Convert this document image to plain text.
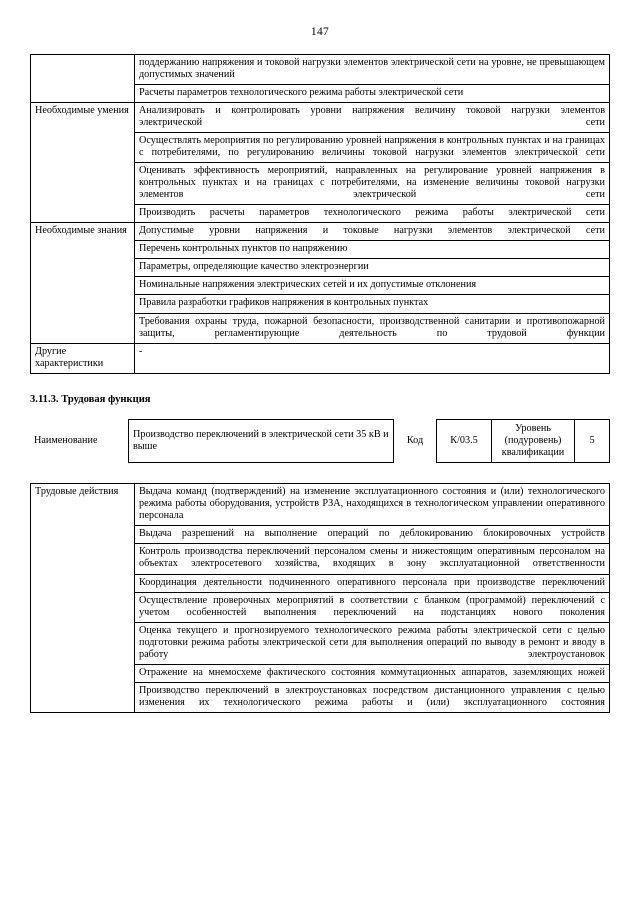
147
	поддержанию напряжения и токовой нагрузки элементов электрической сети на уровне, не превышающем допустимых значений
	Расчеты параметров технологического режима работы электрической сети
Необходимые умения	Анализировать и контролировать уровни напряжения величину токовой нагрузки элементов электрической сети
	Осуществлять мероприятия по регулированию уровней напряжения в контрольных пунктах и на границах с потребителями, по регулированию величины токовой нагрузки элементов электрической сети
	Оценивать эффективность мероприятий, направленных на регулирование уровней напряжения в контрольных пунктах и на границах с потребителями, на изменение величины токовой нагрузки элементов электрической сети
	Производить расчеты параметров технологического режима работы электрической сети
Необходимые знания	Допустимые уровни напряжения и токовые нагрузки элементов электрической сети
	Перечень контрольных пунктов по напряжению
	Параметры, определяющие качество электроэнергии
	Номинальные напряжения электрических сетей и их допустимые отклонения
	Правила разработки графиков напряжения в контрольных пунктах
	Требования охраны труда, пожарной безопасности, производственной санитарии и противопожарной защиты, регламентирующие деятельность по трудовой функции
Другие характеристики	-
3.11.3. Трудовая функция
Наименование	Производство переключений в электрической сети 35 кВ и выше	Код	К/03.5	Уровень (подуровень) квалификации	5
Трудовые действия	Выдача команд (подтверждений) на изменение эксплуатационного состояния и (или) технологического режима работы оборудования, устройств РЗА, находящихся в технологическом управлении оперативного персонала
Выдача разрешений на выполнение операций по деблокированию блокировочных устройств
Контроль производства переключений персоналом смены и нижестоящим оперативным персоналом на объектах электросетевого хозяйства, входящих в зону эксплуатационной ответственности
Координация деятельности подчиненного оперативного персонала при производстве переключений
Осуществление проверочных мероприятий в соответствии с бланком (программой) переключений с учетом особенностей выполнения переключений на подстанциях нового поколения
Оценка текущего и прогнозируемого технологического режима работы электрической сети с целью подготовки режима работы электрической сети для выполнения операций по выводу в ремонт и вводу в работу электроустановок
Отражение на мнемосхеме фактического состояния коммутационных аппаратов, заземляющих ножей
Производство переключений в электроустановках посредством дистанционного управления с целью изменения их технологического режима работы и (или) эксплуатационного состояния
